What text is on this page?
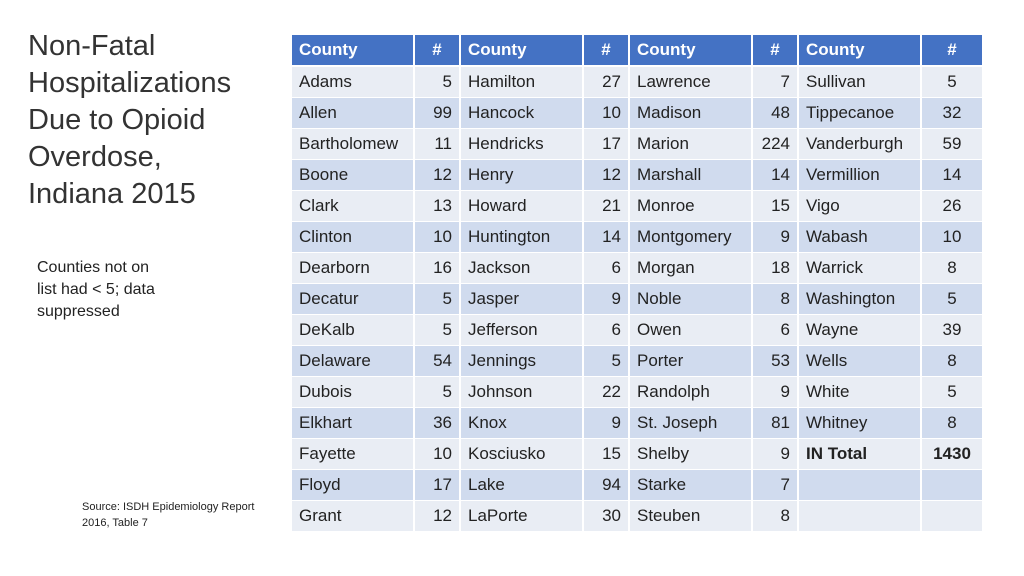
Non-Fatal
Hospitalizations
Due to Opioid
Overdose,
Indiana 2015
Counties not on
list had < 5; data
suppressed
Source: ISDH Epidemiology Report
2016, Table 7
County	#	County	#	County	#	County	#
Adams	5	Hamilton	27	Lawrence	7	Sullivan	5
Allen	99	Hancock	10	Madison	48	Tippecanoe	32
Bartholomew	11	Hendricks	17	Marion	224	Vanderburgh	59
Boone	12	Henry	12	Marshall	14	Vermillion	14
Clark	13	Howard	21	Monroe	15	Vigo	26
Clinton	10	Huntington	14	Montgomery	9	Wabash	10
Dearborn	16	Jackson	6	Morgan	18	Warrick	8
Decatur	5	Jasper	9	Noble	8	Washington	5
DeKalb	5	Jefferson	6	Owen	6	Wayne	39
Delaware	54	Jennings	5	Porter	53	Wells	8
Dubois	5	Johnson	22	Randolph	9	White	5
Elkhart	36	Knox	9	St. Joseph	81	Whitney	8
Fayette	10	Kosciusko	15	Shelby	9	IN Total	1430
Floyd	17	Lake	94	Starke	7		
Grant	12	LaPorte	30	Steuben	8		
